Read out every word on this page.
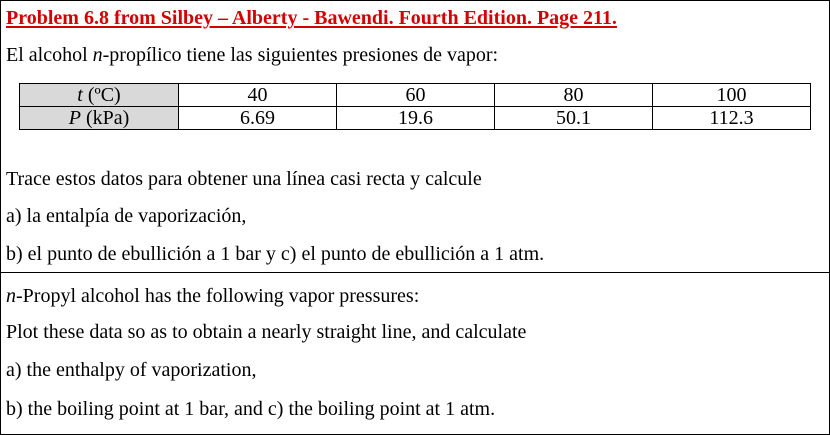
Problem 6.8 from Silbey – Alberty - Bawendi. Fourth Edition. Page 211.
El alcohol n-propílico tiene las siguientes presiones de vapor:
t (ºC)	40	60	80	100
P (kPa)	6.69	19.6	50.1	112.3
Trace estos datos para obtener una línea casi recta y calcule
a) la entalpía de vaporización,
b) el punto de ebullición a 1 bar y c) el punto de ebullición a 1 atm.
n-Propyl alcohol has the following vapor pressures:
Plot these data so as to obtain a nearly straight line, and calculate
a) the enthalpy of vaporization,
b) the boiling point at 1 bar, and c) the boiling point at 1 atm.
